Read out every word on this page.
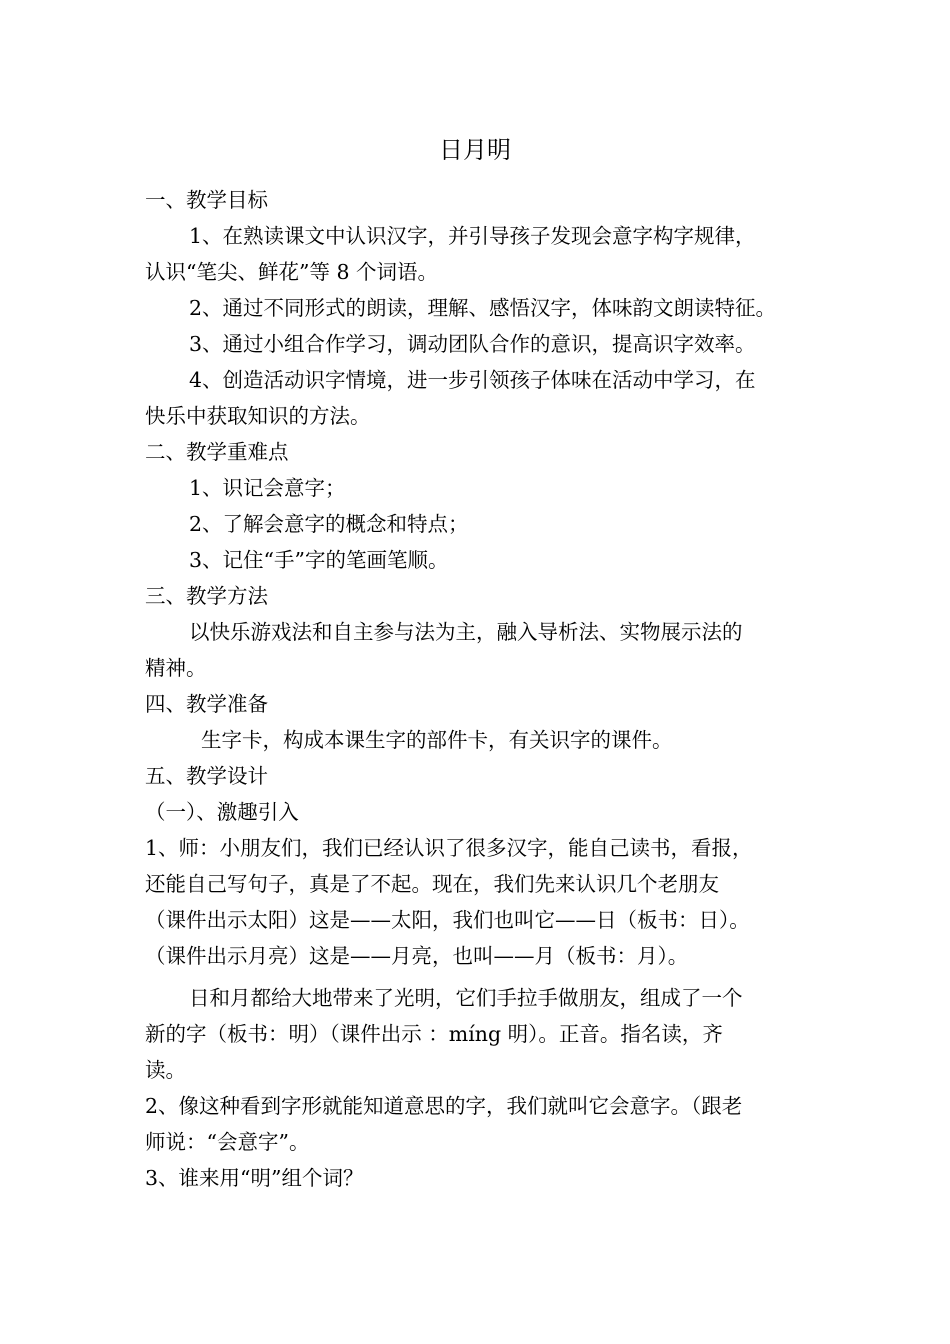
日月明
一、教学目标
1、在熟读课文中认识汉字，并引导孩子发现会意字构字规律，
认识“笔尖、鲜花”等 8 个词语。
2、通过不同形式的朗读，理解、感悟汉字，体味韵文朗读特征。
3、通过小组合作学习，调动团队合作的意识，提高识字效率。
4、创造活动识字情境，进一步引领孩子体味在活动中学习，在
快乐中获取知识的方法。
二、教学重难点
1、识记会意字；
2、了解会意字的概念和特点；
3、记住“手”字的笔画笔顺。
三、教学方法
以快乐游戏法和自主参与法为主，融入导析法、实物展示法的
精神。
四、教学准备
生字卡，构成本课生字的部件卡，有关识字的课件。
五、教学设计
（一）、激趣引入
1、师：小朋友们，我们已经认识了很多汉字，能自己读书，看报，
还能自己写句子，真是了不起。现在，我们先来认识几个老朋友
（课件出示太阳）这是——太阳，我们也叫它——日（板书：日）。
（课件出示月亮）这是——月亮，也叫——月（板书：月）。
日和月都给大地带来了光明，它们手拉手做朋友，组成了一个
新的字（板书：明）（课件出示 ：míng 明）。正音。指名读，齐
读。
2、像这种看到字形就能知道意思的字，我们就叫它会意字。（跟老
师说：“会意字”。
3、谁来用“明”组个词？
